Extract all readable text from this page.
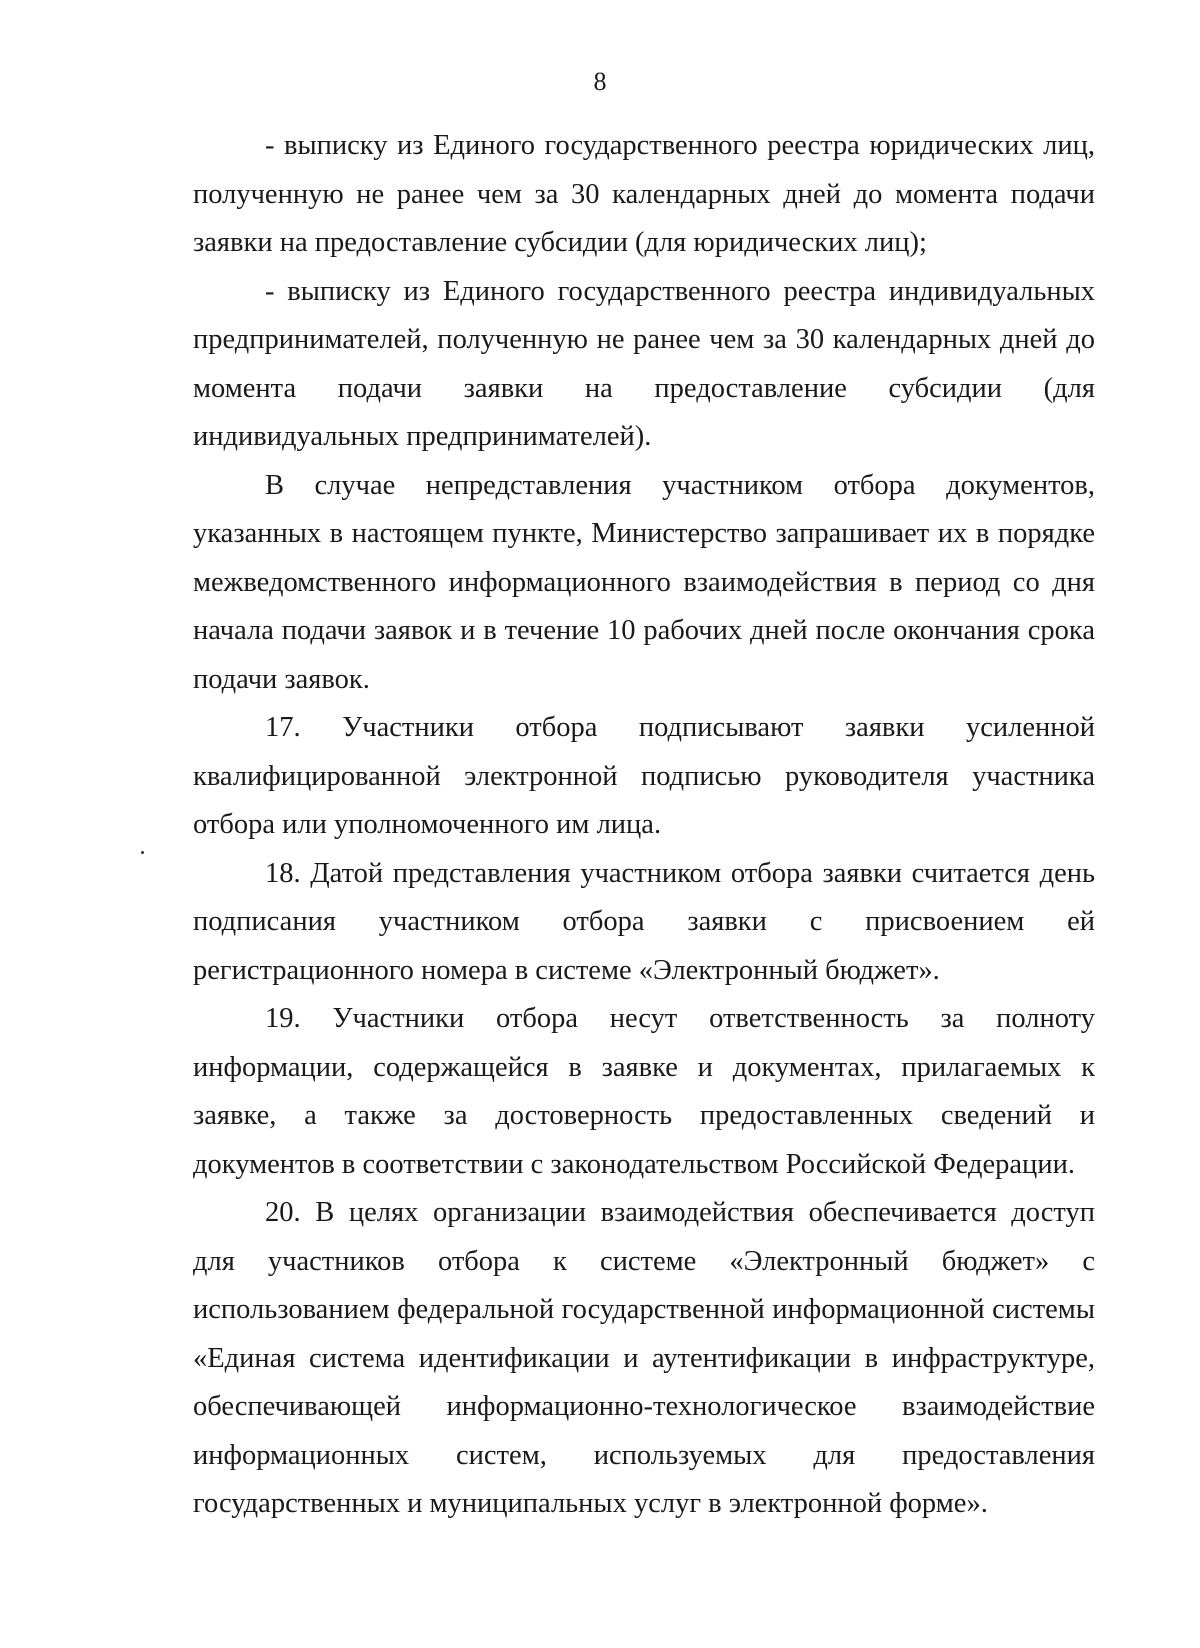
8

- выписку из Единого государственного реестра юридических лиц, полученную не ранее чем за 30 календарных дней до момента подачи заявки на предоставление субсидии (для юридических лиц);

- выписку из Единого государственного реестра индивидуальных предпринимателей, полученную не ранее чем за 30 календарных дней до момента подачи заявки на предоставление субсидии (для индивидуальных предпринимателей).

В случае непредставления участником отбора документов, указанных в настоящем пункте, Министерство запрашивает их в порядке межведомственного информационного взаимодействия в период со дня начала подачи заявок и в течение 10 рабочих дней после окончания срока подачи заявок.

17. Участники отбора подписывают заявки усиленной квалифицированной электронной подписью руководителя участника отбора или уполномоченного им лица.

18. Датой представления участником отбора заявки считается день подписания участником отбора заявки с присвоением ей регистрационного номера в системе «Электронный бюджет».

19. Участники отбора несут ответственность за полноту информации, содержащейся в заявке и документах, прилагаемых к заявке, а также за достоверность предоставленных сведений и документов в соответствии с законодательством Российской Федерации.

20. В целях организации взаимодействия обеспечивается доступ для участников отбора к системе «Электронный бюджет» с использованием федеральной государственной информационной системы «Единая система идентификации и аутентификации в инфраструктуре, обеспечивающей информационно-технологическое взаимодействие информационных систем, используемых для предоставления государственных и муниципальных услуг в электронной форме».
